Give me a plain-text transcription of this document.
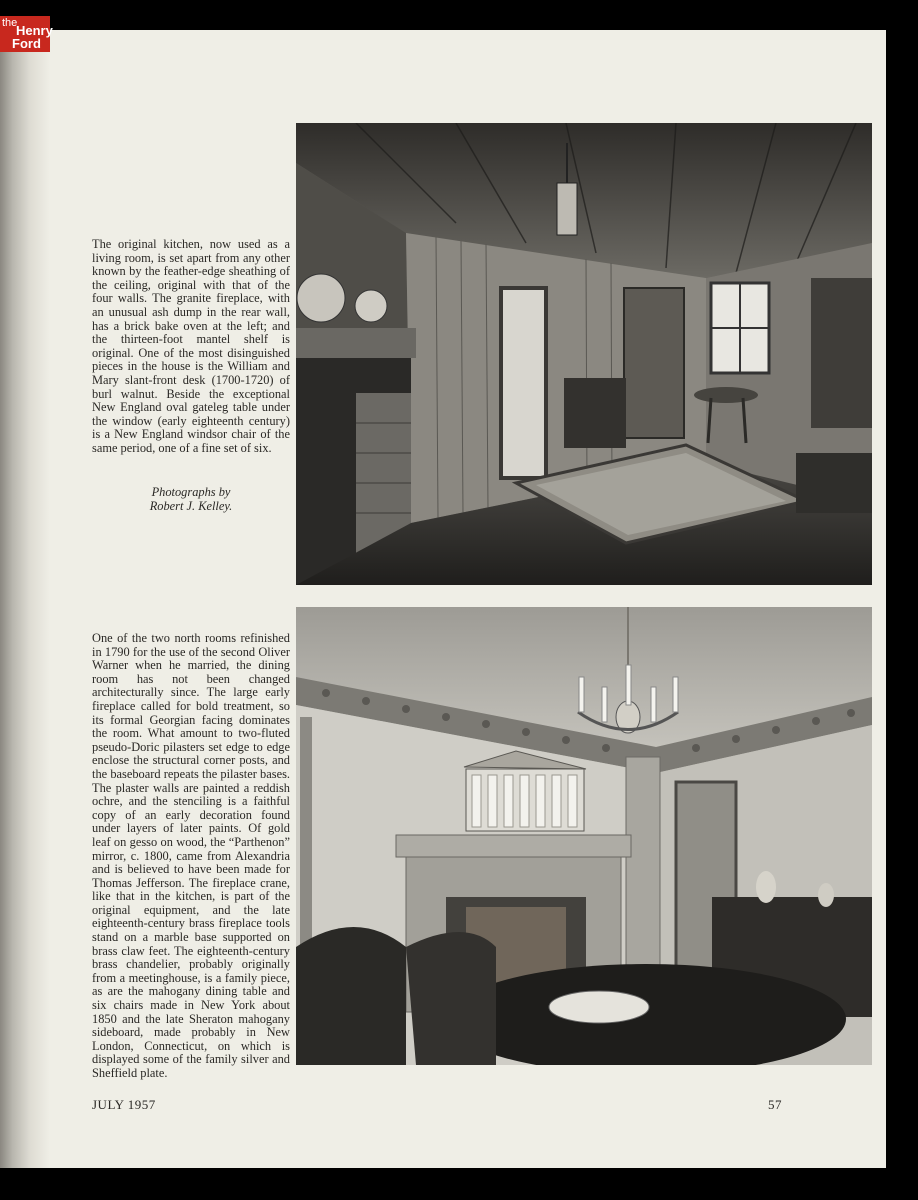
the
Henry
Ford
The original kitchen, now used as a living room, is set apart from any other known by the feather-edge sheathing of the ceiling, original with that of the four walls. The granite fireplace, with an unusual ash dump in the rear wall, has a brick bake oven at the left; and the thirteen-foot mantel shelf is original. One of the most disinguished pieces in the house is the William and Mary slant-front desk (1700-1720) of burl walnut. Beside the exceptional New England oval gateleg table under the window (early eighteenth century) is a New England windsor chair of the same period, one of a fine set of six.
Photographs by
Robert J. Kelley.
One of the two north rooms refinished in 1790 for the use of the second Oliver Warner when he married, the dining room has not been changed architecturally since. The large early fireplace called for bold treatment, so its formal Georgian facing dominates the room. What amount to two-fluted pseudo-Doric pilasters set edge to edge enclose the structural corner posts, and the baseboard repeats the pilaster bases. The plaster walls are painted a reddish ochre, and the stenciling is a faithful copy of an early decoration found under layers of later paints. Of gold leaf on gesso on wood, the “Parthenon” mirror, c. 1800, came from Alexandria and is believed to have been made for Thomas Jefferson. The fireplace crane, like that in the kitchen, is part of the original equipment, and the late eighteenth-century brass fireplace tools stand on a marble base supported on brass claw feet. The eighteenth-century brass chandelier, probably originally from a meetinghouse, is a family piece, as are the mahogany dining table and six chairs made in New York about 1850 and the late Sheraton mahogany sideboard, made probably in New London, Connecticut, on which is displayed some of the family silver and Sheffield plate.
JULY 1957	57
